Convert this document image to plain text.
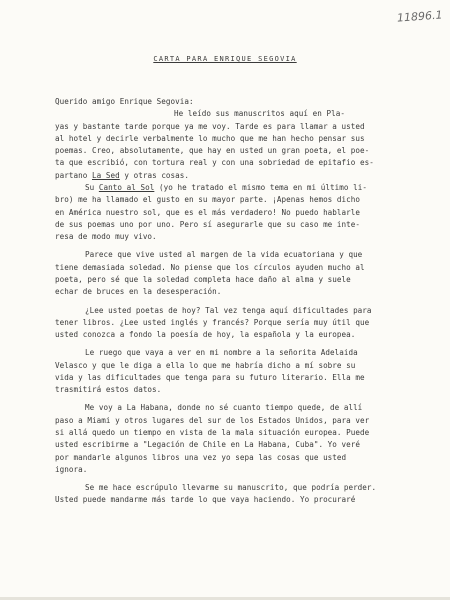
11896.1
CARTA PARA ENRIQUE SEGOVIA
Querido amigo Enrique Segovia:
He leído sus manuscritos aquí en Pla-
yas y bastante tarde porque ya me voy. Tarde es para llamar a usted
al hotel y decirle verbalmente lo mucho que me han hecho pensar sus
poemas. Creo, absolutamente, que hay en usted un gran poeta, el poe-
ta que escribió, con tortura real y con una sobriedad de epitafio es-
partano La Sed y otras cosas.
Su Canto al Sol (yo he tratado el mismo tema en mi último li-
bro) me ha llamado el gusto en su mayor parte. ¡Apenas hemos dicho
en América nuestro sol, que es el más verdadero! No puedo hablarle
de sus poemas uno por uno. Pero sí asegurarle que su caso me inte-
resa de modo muy vivo.
Parece que vive usted al margen de la vida ecuatoriana y que
tiene demasiada soledad. No piense que los círculos ayuden mucho al
poeta, pero sé que la soledad completa hace daño al alma y suele
echar de bruces en la desesperación.
¿Lee usted poetas de hoy? Tal vez tenga aquí dificultades para
tener libros. ¿Lee usted inglés y francés? Porque sería muy útil que
usted conozca a fondo la poesía de hoy, la española y la europea.
Le ruego que vaya a ver en mi nombre a la señorita Adelaida
Velasco y que le diga a ella lo que me habría dicho a mí sobre su
vida y las dificultades que tenga para su futuro literario. Ella me
trasmitirá estos datos.
Me voy a La Habana, donde no sé cuanto tiempo quede, de allí
paso a Miami y otros lugares del sur de los Estados Unidos, para ver
si allá quedo un tiempo en vista de la mala situación europea. Puede
usted escribirme a "Legación de Chile en La Habana, Cuba". Yo veré
por mandarle algunos libros una vez yo sepa las cosas que usted
ignora.
Se me hace escrúpulo llevarme su manuscrito, que podría perder.
Usted puede mandarme más tarde lo que vaya haciendo. Yo procuraré
